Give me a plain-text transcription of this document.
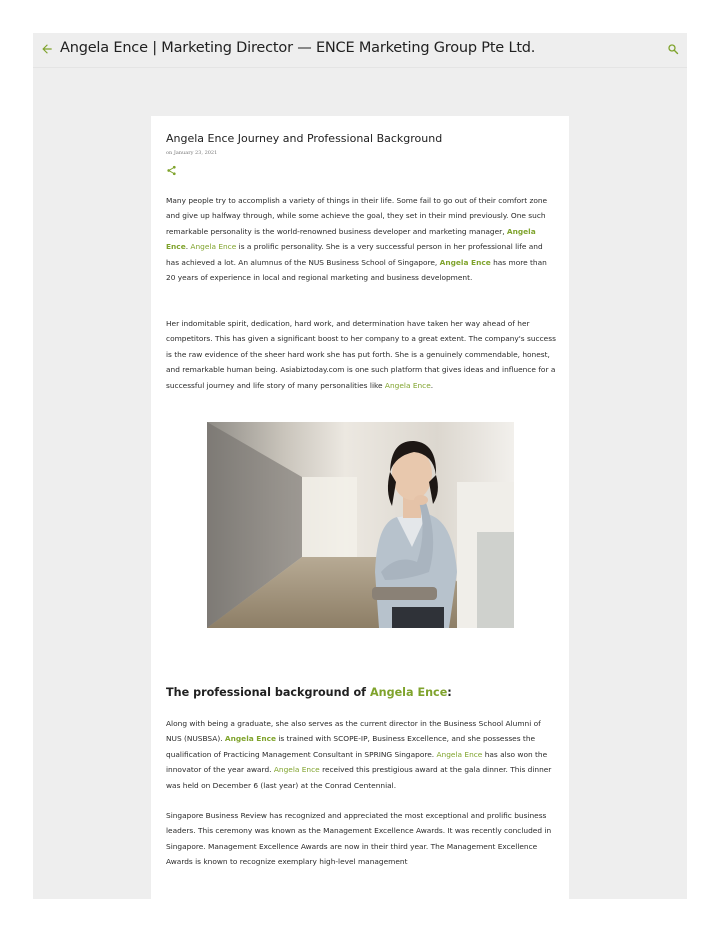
Angela Ence | Marketing Director — ENCE Marketing Group Pte Ltd.
Angela Ence Journey and Professional Background
on January 23, 2021
Many people try to accomplish a variety of things in their life. Some fail to go out of their comfort zone and give up halfway through, while some achieve the goal, they set in their mind previously. One such remarkable personality is the world-renowned business developer and marketing manager, Angela Ence. Angela Ence is a prolific personality. She is a very successful person in her professional life and has achieved a lot. An alumnus of the NUS Business School of Singapore, Angela Ence has more than 20 years of experience in local and regional marketing and business development.
Her indomitable spirit, dedication, hard work, and determination have taken her way ahead of her competitors. This has given a significant boost to her company to a great extent. The company's success is the raw evidence of the sheer hard work she has put forth. She is a genuinely commendable, honest, and remarkable human being. Asiabiztoday.com is one such platform that gives ideas and influence for a successful journey and life story of many personalities like Angela Ence.
The professional background of Angela Ence:
Along with being a graduate, she also serves as the current director in the Business School Alumni of NUS (NUSBSA). Angela Ence is trained with SCOPE-IP, Business Excellence, and she possesses the qualification of Practicing Management Consultant in SPRING Singapore. Angela Ence has also won the innovator of the year award. Angela Ence received this prestigious award at the gala dinner. This dinner was held on December 6 (last year) at the Conrad Centennial.
Singapore Business Review has recognized and appreciated the most exceptional and prolific business leaders. This ceremony was known as the Management Excellence Awards. It was recently concluded in Singapore. Management Excellence Awards are now in their third year. The Management Excellence Awards is known to recognize exemplary high-level management
